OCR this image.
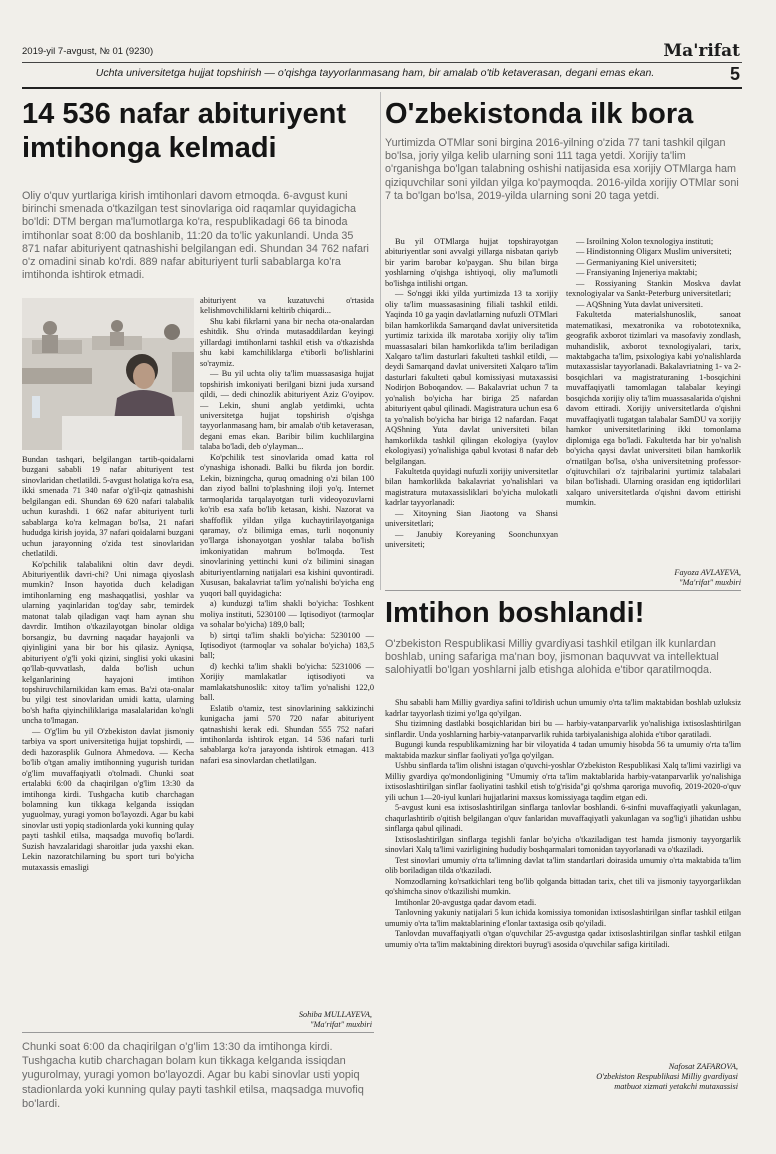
2019-yil 7-avgust, № 01 (9230)	Ma'rifat
Uchta universitetga hujjat topshirish — o'qishga tayyorlanmasang ham, bir amalab o'tib ketaverasan, degani emas ekan.	5
14 536 nafar abituriyent imtihonga kelmadi
Oliy o'quv yurtlariga kirish imtihonlari davom etmoqda. 6-avgust kuni birinchi smenada o'tkazilgan test sinovlariga oid raqamlar quyidagicha bo'ldi: DTM bergan ma'lumotlarga ko'ra, respublikadagi 66 ta binoda imtihonlar soat 8:00 da boshlanib, 11:20 da to'lic yakunlandi. Unda 35 871 nafar abituriyent qatnashishi belgilangan edi. Shundan 34 762 nafari o'z omadini sinab ko'rdi. 889 nafar abituriyent turli sabablarga ko'ra imtihonda ishtirok etmadi.

Bundan tashqari, belgilangan tartib-qoidalarni buzgani sababli 19 nafar abituriyent test sinovlaridan chetlatildi. 5-avgust holatiga ko'ra esa, ikki smenada 71 340 nafar o'g'il-qiz qatnashishi belgilangan edi. Shundan 69 620 nafari talabalik uchun kurashdi. 1 662 nafar abituriyent turli sabablarga ko'ra kelmagan bo'lsa, 21 nafari hududga kirish joyida, 37 nafari qoidalarni buzgani uchun jarayonning o'zida test sinovlaridan chetlatildi.

Ko'pchilik talabalikni oltin davr deydi. Abituriyentlik davri-chi? Uni nimaga qiyoslash mumkin? Inson hayotida duch keladigan imtihonlarning eng mashaqqatlisi, yoshlar va ularning yaqinlaridan tog'day sabr, temirdek matonat talab qiladigan vaqt ham aynan shu davrdir. Imtihon o'tkazilayotgan binolar oldiga borsangiz, bu davrning naqadar hayajonli va qiyinligini yana bir bor his qilasiz. Ayniqsa, abituriyent o'g'li yoki qizini, singlisi yoki ukasini qo'llab-quvvatlash, dalda bo'lish uchun kelganlarining hayajoni imtihon topshiruvchilarnikidan kam emas. Ba'zi ota-onalar bu yilgi test sinovlaridan umidi katta, ularning bo'sh hafta qiyinchiliklariga masalalaridan ko'ngli uncha to'lmagan.

— O'g'lim bu yil O'zbekiston davlat jismoniy tarbiya va sport universitetiga hujjat topshirdi, — dedi hazorasplik Gulnora Ahmedova. — Kecha bo'lib o'tgan amaliy imtihonning yugurish turidan o'g'lim muvaffaqiyatli o'tolmadi. Chunki soat ertalabki 6:00 da chaqirilgan o'g'lim 13:30 da imtihonga kirdi. Tushgacha kutib charchagan bolamning kun tikkaga kelganda issiqdan yuguolmay, yuragi yomon bo'layozdi. Agar bu kabi sinovlar usti yopiq stadionlarda yoki kunning qulay payti tashkil etilsa, maqsadga muvofiq bo'lardi. Suzish havzalaridagi sharoitlar juda yaxshi ekan. Lekin nazoratchilarning bu sport turi bo'yicha mutaxassis emasligi

abituriyent va kuzatuvchi o'rtasida kelishmovchiliklarni keltirib chiqardi...

Shu kabi fikrlarni yana bir necha ota-onalardan eshitdik. Shu o'rinda mutasaddilardan keyingi yillardagi imtihonlarni tashkil etish va o'tkazishda shu kabi kamchiliklarga e'tiborli bo'lishlarini so'raymiz.

— Bu yil uchta oliy ta'lim muassasasiga hujjat topshirish imkoniyati berilgani bizni juda xursand qildi, — dedi chinozlik abituriyent Aziz G'oyipov. — Lekin, shuni anglab yetdimki, uchta universitetga hujjat topshirish o'qishga tayyorlanmasang ham, bir amalab o'tib ketaverasan, degani emas ekan. Baribir bilim kuchlilargina talaba bo'ladi, deb o'ylayman...

Ko'pchilik test sinovlarida omad katta rol o'ynashiga ishonadi. Balki bu fikrda jon bordir. Lekin, bizningcha, quruq omadning o'zi bilan 100 dan ziyod ballni to'plashning iloji yo'q. Internet tarmoqlarida tarqalayotgan turli videoyozuvlarni ko'rib esa xafa bo'lib ketasan, kishi. Nazorat va shaffoflik yildan yilga kuchaytirilayotganiga qaramay, o'z bilimiga emas, turli noqonuniy yo'llarga ishonayotgan yoshlar talaba bo'lish imkoniyatidan mahrum bo'lmoqda. Test sinovlarining yettinchi kuni o'z bilimini sinagan abituriyentlarning natijalari esa kishini quvontiradi. Xususan, bakalavriat ta'lim yo'nalishi bo'yicha eng yuqori ball quyidagicha:

a) kunduzgi ta'lim shakli bo'yicha: Toshkent moliya instituti, 5230100 — Iqtisodiyot (tarmoqlar va sohalar bo'yicha) 189,0 ball;

b) sirtqi ta'lim shakli bo'yicha: 5230100 — Iqtisodiyot (tarmoqlar va sohalar bo'yicha) 183,5 ball;

d) kechki ta'lim shakli bo'yicha: 5231006 — Xorijiy mamlakatlar iqtisodiyoti va mamlakatshunoslik: xitoy ta'lim yo'nalishi 122,0 ball.

Eslatib o'tamiz, test sinovlarining sakkizinchi kunigacha jami 570 720 nafar abituriyent qatnashishi kerak edi. Shundan 555 752 nafari imtihonlarda ishtirok etgan. 14 536 nafari turli sabablarga ko'ra jarayonda ishtirok etmagan. 413 nafari esa sinovlardan chetlatilgan.

Sohiba MULLAYEVA,
"Ma'rifat" muxbiri
Chunki soat 6:00 da chaqirilgan o'g'lim 13:30 da imtihonga kirdi. Tushgacha kutib charchagan bolam kun tikkaga kelganda issiqdan yugurolmay, yuragi yomon bo'layozdi. Agar bu kabi sinovlar usti yopiq stadionlarda yoki kunning qulay payti tashkil etilsa, maqsadga muvofiq bo'lardi.
O'zbekistonda ilk bora
Yurtimizda OTMlar soni birgina 2016-yilning o'zida 77 tani tashkil qilgan bo'lsa, joriy yilga kelib ularning soni 111 taga yetdi. Xorijiy ta'lim o'rganishga bo'lgan talabning oshishi natijasida esa xorijiy OTMlarga ham qiziquvchilar soni yildan yilga ko'paymoqda. 2016-yilda xorijiy OTMlar soni 7 ta bo'lgan bo'lsa, 2019-yilda ularning soni 20 taga yetdi.

Bu yil OTMlarga hujjat topshirayotgan abituriyentlar soni avvalgi yillarga nisbatan qariyb bir yarim barobar ko'paygan. Shu bilan birga yoshlarning o'qishga ishtiyoqi, oliy ma'lumotli bo'lishga intilishi ortgan.

— So'nggi ikki yilda yurtimizda 13 ta xorijiy oliy ta'lim muassasasining filiali tashkil etildi. Yaqinda 10 ga yaqin davlatlarning nufuzli OTMlari bilan hamkorlikda Samarqand davlat universitetida yurtimiz tarixida ilk marotaba xorijiy oliy ta'lim muassasalari bilan hamkorlikda ta'lim beriladigan Xalqaro ta'lim dasturlari fakulteti tashkil etildi, — deydi Samarqand davlat universiteti Xalqaro ta'lim dasturlari fakulteti qabul komissiyasi mutaxassisi Nodirjon Boboqandov. — Bakalavriat uchun 7 ta yo'nalish bo'yicha har biriga 25 nafardan abituriyent qabul qilinadi. Magistratura uchun esa 6 ta yo'nalish bo'yicha har biriga 12 nafardan. Faqat AQShning Yuta davlat universiteti bilan hamkorlikda tashkil qilingan ekologiya (yaylov ekologiyasi) yo'nalishiga qabul kvotasi 8 nafar deb belgilangan.

Fakultetda quyidagi nufuzli xorijiy universitetlar bilan hamkorlikda bakalavriat yo'nalishlari va magistratura mutaxassisliklari bo'yicha mulokatli kadrlar tayyorlanadi:

— Xitoyning Sian Jiaotong va Shansi universitetlari;

— Janubiy Koreyaning Soonchunxyan universiteti;

— Isroilning Xolon texnologiya instituti;

— Hindistonning Oligarx Muslim universiteti;

— Germaniyaning Kiel universiteti;

— Fransiyaning Injeneriya maktabi;

— Rossiyaning Stankin Moskva davlat texnologiyalar va Sankt-Peterburg universitetlari;

— AQShning Yuta davlat universiteti.

Fakultetda materialshunoslik, sanoat matematikasi, mexatronika va robototexnika, geografik axborot tizimlari va masofaviy zondlash, muhandislik, axborot texnologiyalari, tarix, maktabgacha ta'lim, psixologiya kabi yo'nalishlarda mutaxassislar tayyorlanadi. Bakalavriatning 1- va 2-bosqichlari va magistraturaning 1-bosqichini muvaffaqiyatli tamomlagan talabalar keyingi bosqichda xorijiy oliy ta'lim muassasalarida o'qishni davom ettiradi. Xorijiy universitetlarda o'qishni muvaffaqiyatli tugatgan talabalar SamDU va xorijiy hamkor universitetlarining ikki tomonlama diplomiga ega bo'ladi. Fakultetda har bir yo'nalish bo'yicha qaysi davlat universiteti bilan hamkorlik o'rnatilgan bo'lsa, o'sha universitetning professor-o'qituvchilari o'z tajribalarini yurtimiz talabalari bilan bo'lishadi. Ularning orasidan eng iqtidorlilari xalqaro universitetlarda o'qishni davom ettirishi mumkin.

Fayoza AVLAYEVA,
"Ma'rifat" muxbiri
Imtihon boshlandi!
O'zbekiston Respublikasi Milliy gvardiyasi tashkil etilgan ilk kunlardan boshlab, uning safariga ma'nan boy, jismonan baquvvat va intellektual salohiyatli bo'lgan yoshlarni jalb etishga alohida e'tibor qaratilmoqda.

Shu sababli ham Milliy gvardiya safini to'ldirish uchun umumiy o'rta ta'lim maktabidan boshlab uzluksiz kadrlar tayyorlash tizimi yo'lga qo'yilgan.

Shu tizimning dastlabki bosqichlaridan biri bu — harbiy-vatanparvarlik yo'nalishiga ixtisoslashtirilgan sinflardir. Unda yoshlarning harbiy-vatanparvarlik ruhida tarbiyalanishiga alohida e'tibor qaratiladi.

Bugungi kunda respublikamizning har bir viloyatida 4 tadan umumiy hisobda 56 ta umumiy o'rta ta'lim maktabida mazkur sinflar faoliyati yo'lga qo'yilgan.

Ushbu sinflarda ta'lim olishni istagan o'quvchi-yoshlar O'zbekiston Respublikasi Xalq ta'limi vazirligi va Milliy gvardiya qo'mondonligining "Umumiy o'rta ta'lim maktablarida harbiy-vatanparvarlik yo'nalishiga ixtisoslashtirilgan sinflar faoliyatini tashkil etish to'g'risida"gi qo'shma qaroriga muvofiq, 2019-2020-o'quv yili uchun 1—20-iyul kunlari hujjatlarini maxsus komissiyaga taqdim etgan edi.

5-avgust kuni esa ixtisoslashtirilgan sinflarga tanlovlar boshlandi. 6-sinfni muvaffaqiyatli yakunlagan, chaqurlashtirib o'qitish belgilangan o'quv fanlaridan muvaffaqiyatli yakunlagan va sog'lig'i jihatidan ushbu sinflarga qabul qilinadi.

Ixtisoslashtirilgan sinflarga tegishli fanlar bo'yicha o'tkaziladigan test hamda jismoniy tayyorgarlik sinovlari Xalq ta'limi vazirligining hududiy boshqarmalari tomonidan tayyorlanadi va o'tkaziladi.

Test sinovlari umumiy o'rta ta'limning davlat ta'lim standartlari doirasida umumiy o'rta maktabida ta'lim olib boriladigan tilda o'tkaziladi.

Nomzodlarning ko'rsatkichlari teng bo'lib qolganda bittadan tarix, chet tili va jismoniy tayyorgarlikdan qo'shimcha sinov o'tkazilishi mumkin.

Imtihonlar 20-avgustga qadar davom etadi.

Tanlovning yakuniy natijalari 5 kun ichida komissiya tomonidan ixtisoslashtirilgan sinflar tashkil etilgan umumiy o'rta ta'lim maktablarining e'lonlar taxtasiga osib qo'yiladi.

Tanlovdan muvaffaqiyatli o'tgan o'quvchilar 25-avgustga qadar ixtisoslashtirilgan sinflar tashkil etilgan umumiy o'rta ta'lim maktabining direktori buyrug'i asosida o'quvchilar safiga kiritiladi.

Nafosat ZAFAROVA,
O'zbekiston Respublikasi Milliy gvardiyasi
matbuot xizmati yetakchi mutaxassisi
